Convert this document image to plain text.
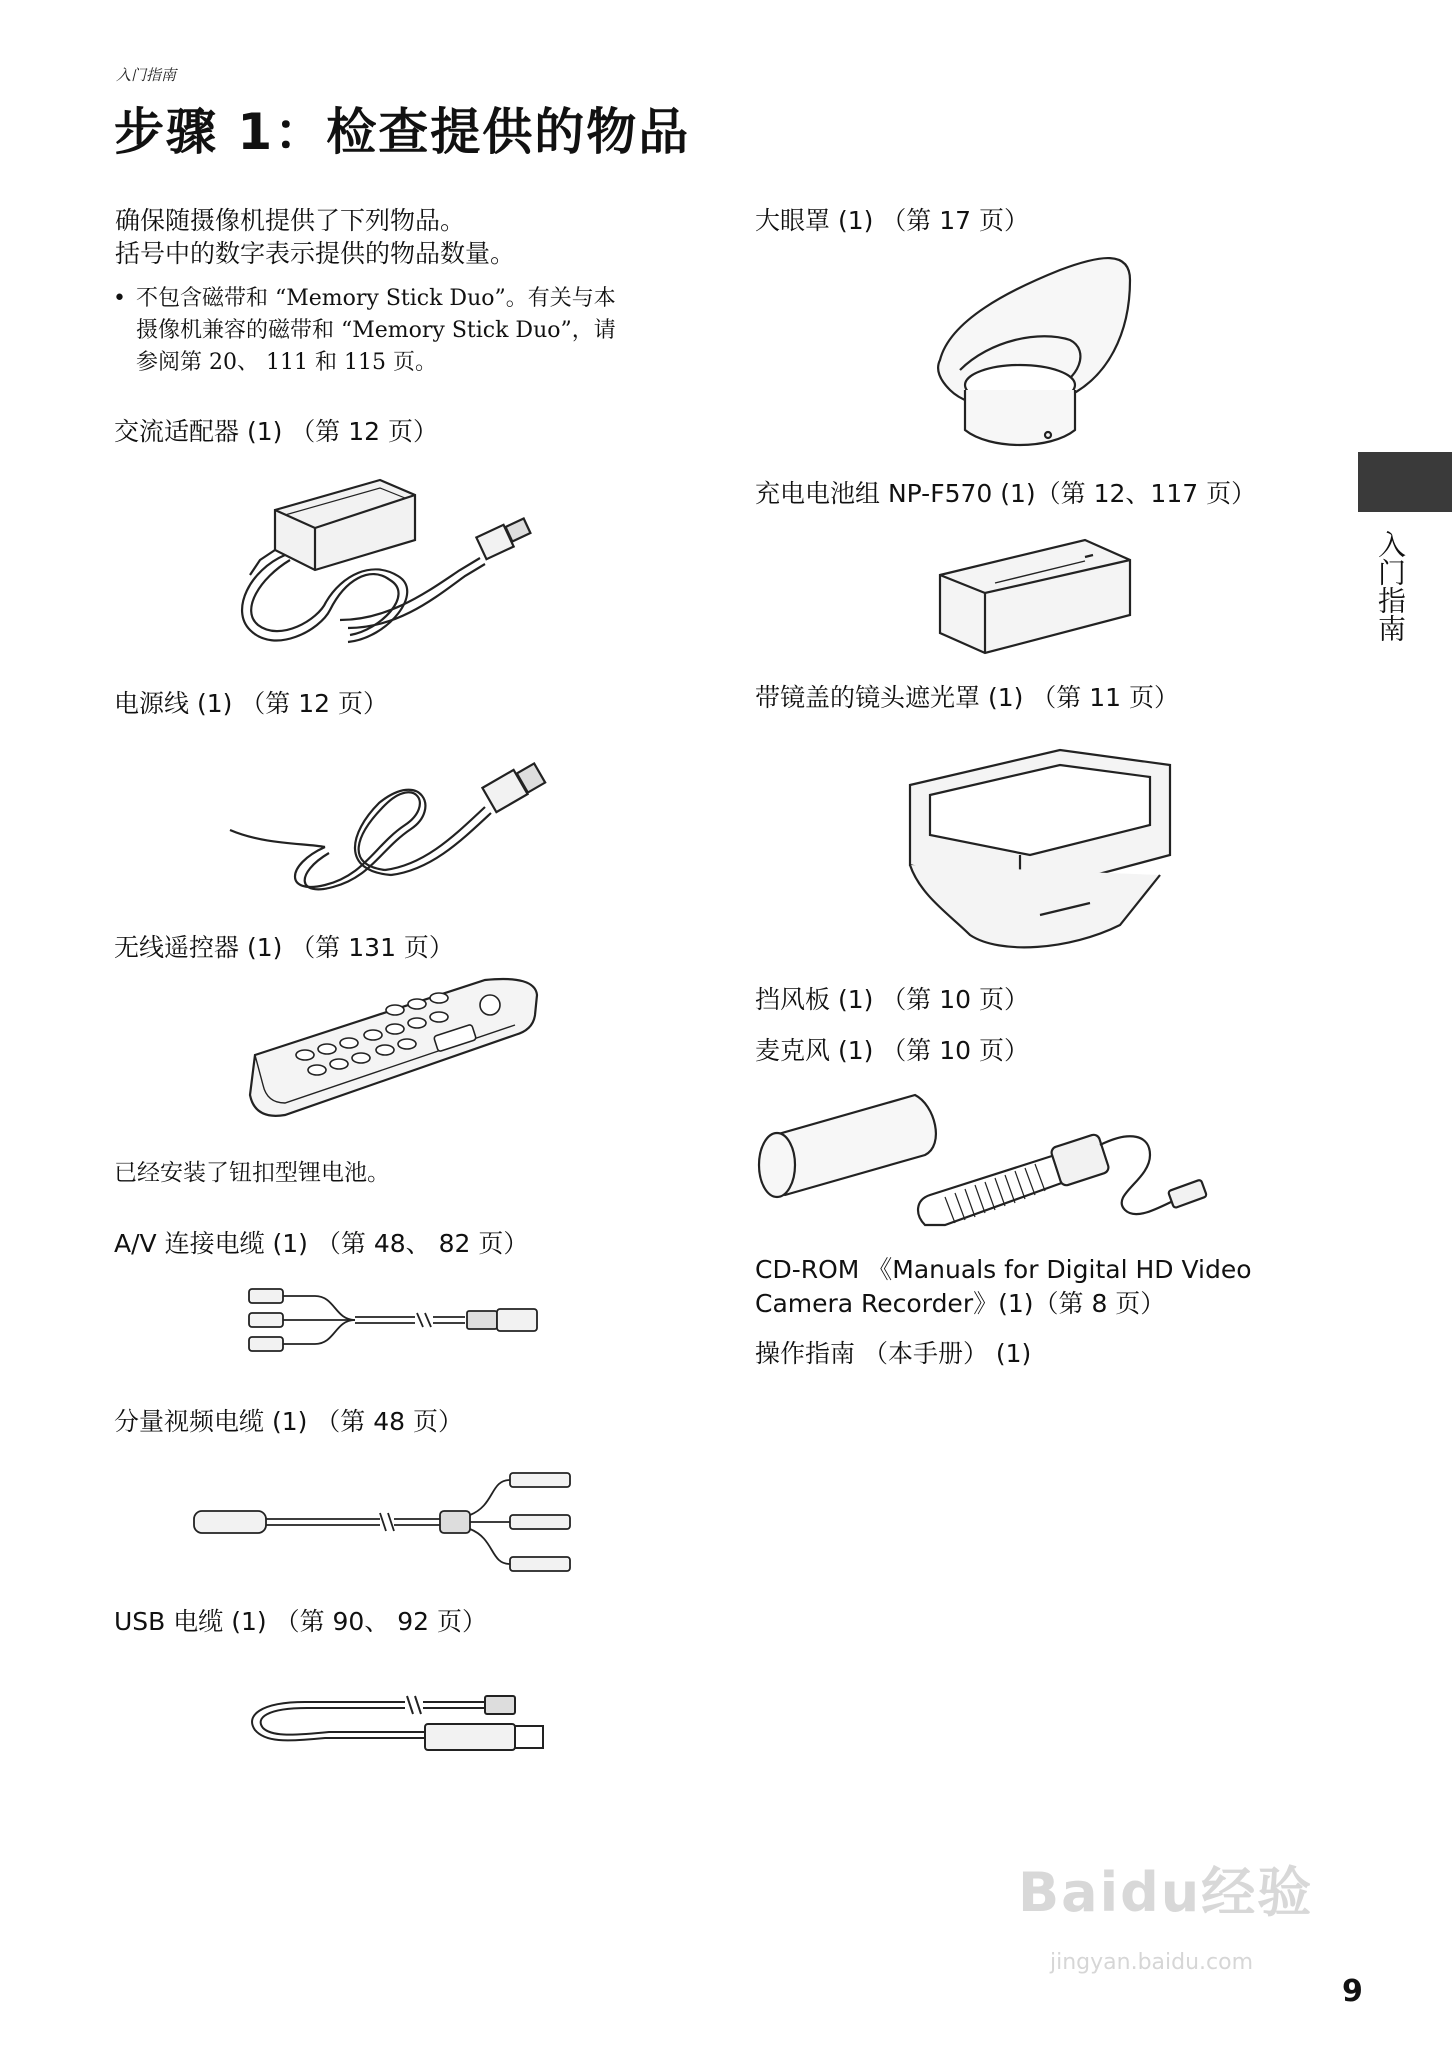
入门指南
步骤 1：检查提供的物品
确保随摄像机提供了下列物品。
括号中的数字表示提供的物品数量。
• 不包含磁带和 “Memory Stick Duo”。有关与本
摄像机兼容的磁带和 “Memory Stick Duo”，请
参阅第 20、 111 和 115 页。
交流适配器 (1) （第 12 页）
电源线 (1) （第 12 页）
无线遥控器 (1) （第 131 页）
已经安装了钮扣型锂电池。
A/V 连接电缆 (1) （第 48、 82 页）
分量视频电缆 (1) （第 48 页）
USB 电缆 (1) （第 90、 92 页）
大眼罩 (1) （第 17 页）
充电电池组 NP-F570 (1)（第 12、117 页）
带镜盖的镜头遮光罩 (1) （第 11 页）
挡风板 (1) （第 10 页）
麦克风 (1) （第 10 页）
CD-ROM 《Manuals for Digital HD Video
Camera Recorder》(1)（第 8 页）
操作指南 （本手册） (1)
入门指南
Baidu经验
jingyan.baidu.com
9
